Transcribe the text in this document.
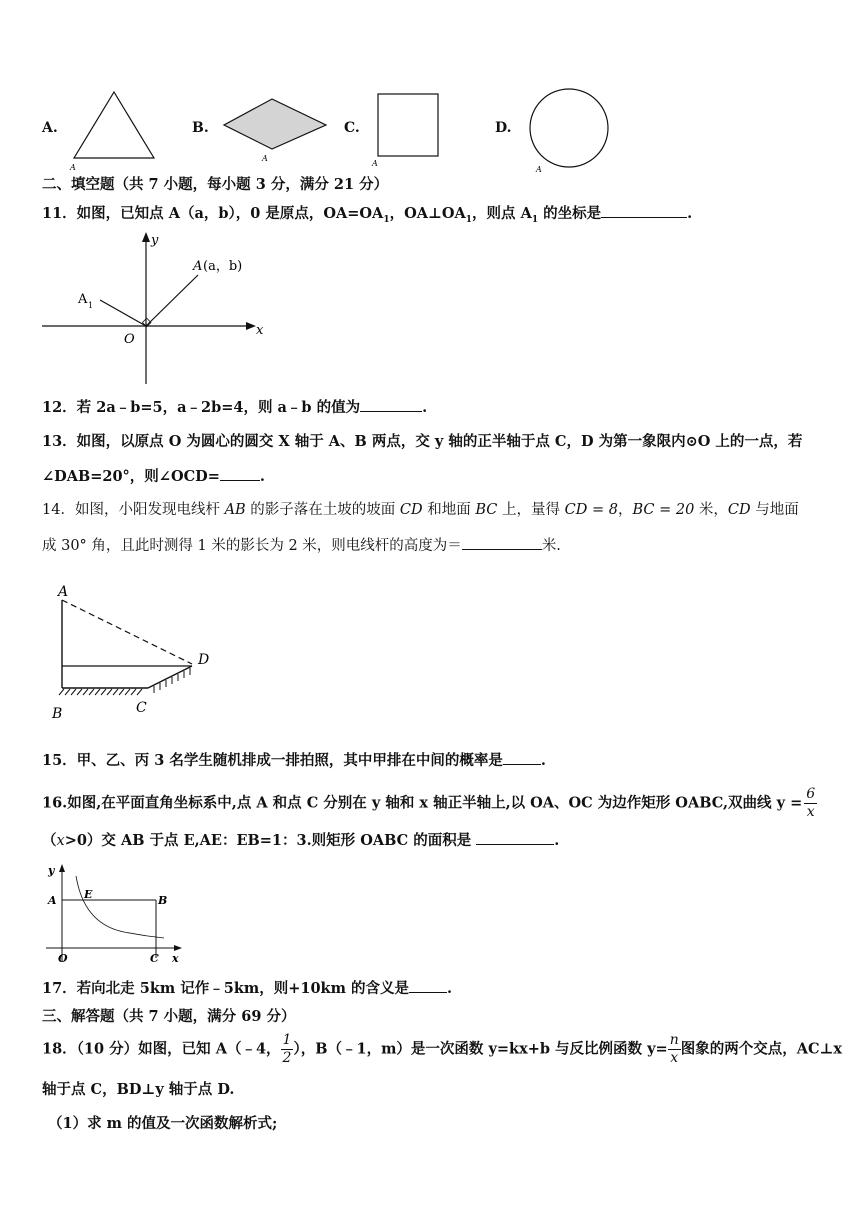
A.
A
B.
A
C.
A
D.
A
二、填空题（共 7 小题，每小题 3 分，满分 21 分）
11．如图，已知点 A（a，b），0 是原点，$OA=OA_1$，$OA\perp OA_1$，则点 $A_1$ 的坐标是	.
y
x
O
A (a，b)
A 1
12．若 2a﹣b=5，a﹣2b=4，则 a﹣b 的值为	.
13．如图，以原点 O 为圆心的圆交 X 轴于 A、B 两点，交 y 轴的正半轴于点 C，D 为第一象限内⊙O 上的一点，若
∠DAB=20°，则∠OCD=	.
14．如图，小阳发现电线杆 AB 的影子落在土坡的坡面 CD 和地面 BC 上，量得 CD = 8，BC = 20 米，CD 与地面
成 30° 角，且此时测得 1 米的影长为 2 米，则电线杆的高度为＝	米.
A
B	C
D
15．甲、乙、丙 3 名学生随机排成一排拍照，其中甲排在中间的概率是	.
16.如图,在平面直角坐标系中,点 A 和点 C 分别在 y 轴和 x 轴正半轴上,以 OA、OC 为边作矩形 OABC,双曲线 $y = \frac{6}{x}$
（x>0）交 AB 于点 E,AE：EB=1：3.则矩形 OABC 的面积是	.
y
x
A	B
E
O	C
17．若向北走 5km 记作﹣5km，则+10km 的含义是	.
三、解答题（共 7 小题，满分 69 分）
18．（10 分）如图，已知 A（﹣4， $\frac{1}{2}$ ），B（﹣1，m）是一次函数 y=kx+b 与反比例函数 $y= \frac{n}{x}$ 图象的两个交点，AC⊥x
轴于点 C，BD⊥y 轴于点 D.
（1）求 m 的值及一次函数解析式;
